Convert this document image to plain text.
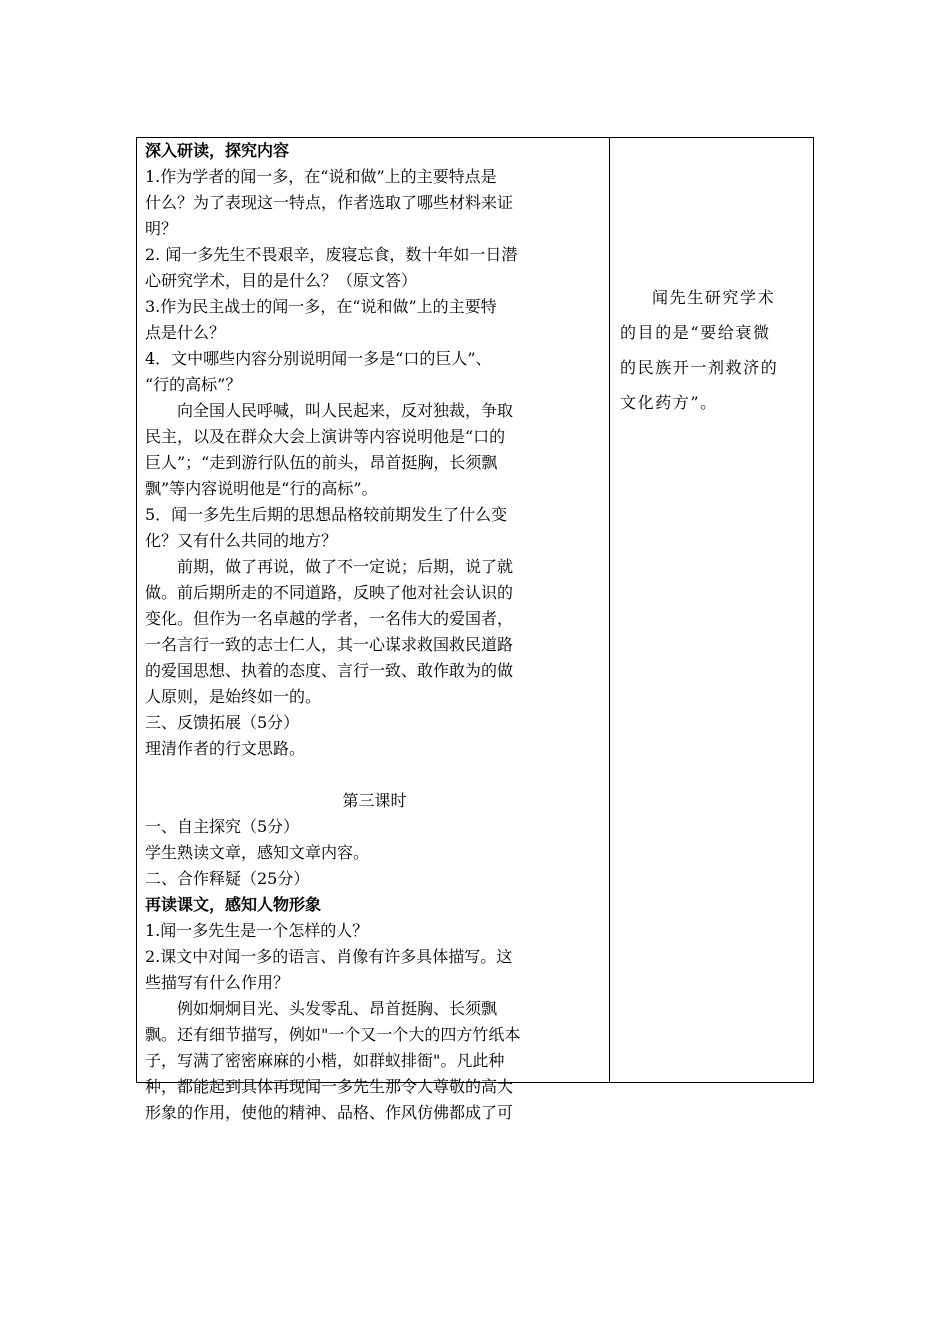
深入研读，探究内容
1.作为学者的闻一多，在“说和做”上的主要特点是
什么？为了表现这一特点，作者选取了哪些材料来证
明？
2. 闻一多先生不畏艰辛，废寝忘食，数十年如一日潜
心研究学术，目的是什么？（原文答）
3.作为民主战士的闻一多，在“说和做”上的主要特
点是什么？
4．文中哪些内容分别说明闻一多是“口的巨人”、
“行的高标”？
向全国人民呼喊，叫人民起来，反对独裁，争取
民主，以及在群众大会上演讲等内容说明他是“口的
巨人”；“走到游行队伍的前头，昂首挺胸，长须飘
飘”等内容说明他是“行的高标”。
5．闻一多先生后期的思想品格较前期发生了什么变
化？又有什么共同的地方？
前期，做了再说，做了不一定说；后期，说了就
做。前后期所走的不同道路，反映了他对社会认识的
变化。但作为一名卓越的学者，一名伟大的爱国者，
一名言行一致的志士仁人，其一心谋求救国救民道路
的爱国思想、执着的态度、言行一致、敢作敢为的做
人原则，是始终如一的。
三、反馈拓展（5分）
理清作者的行文思路。
第三课时
一、自主探究（5分）
学生熟读文章，感知文章内容。
二、合作释疑（25分）
再读课文，感知人物形象
1.闻一多先生是一个怎样的人？
2.课文中对闻一多的语言、肖像有许多具体描写。这
些描写有什么作用？
例如炯炯目光、头发零乱、昂首挺胸、长须飘
飘。还有细节描写，例如"一个又一个大的四方竹纸本
子，写满了密密麻麻的小楷，如群蚁排衙"。凡此种
种，都能起到具体再现闻一多先生那令人尊敬的高大
形象的作用，使他的精神、品格、作风仿佛都成了可
闻先生研究学术
的目的是“要给衰微
的民族开一剂救济的
文化药方”。
